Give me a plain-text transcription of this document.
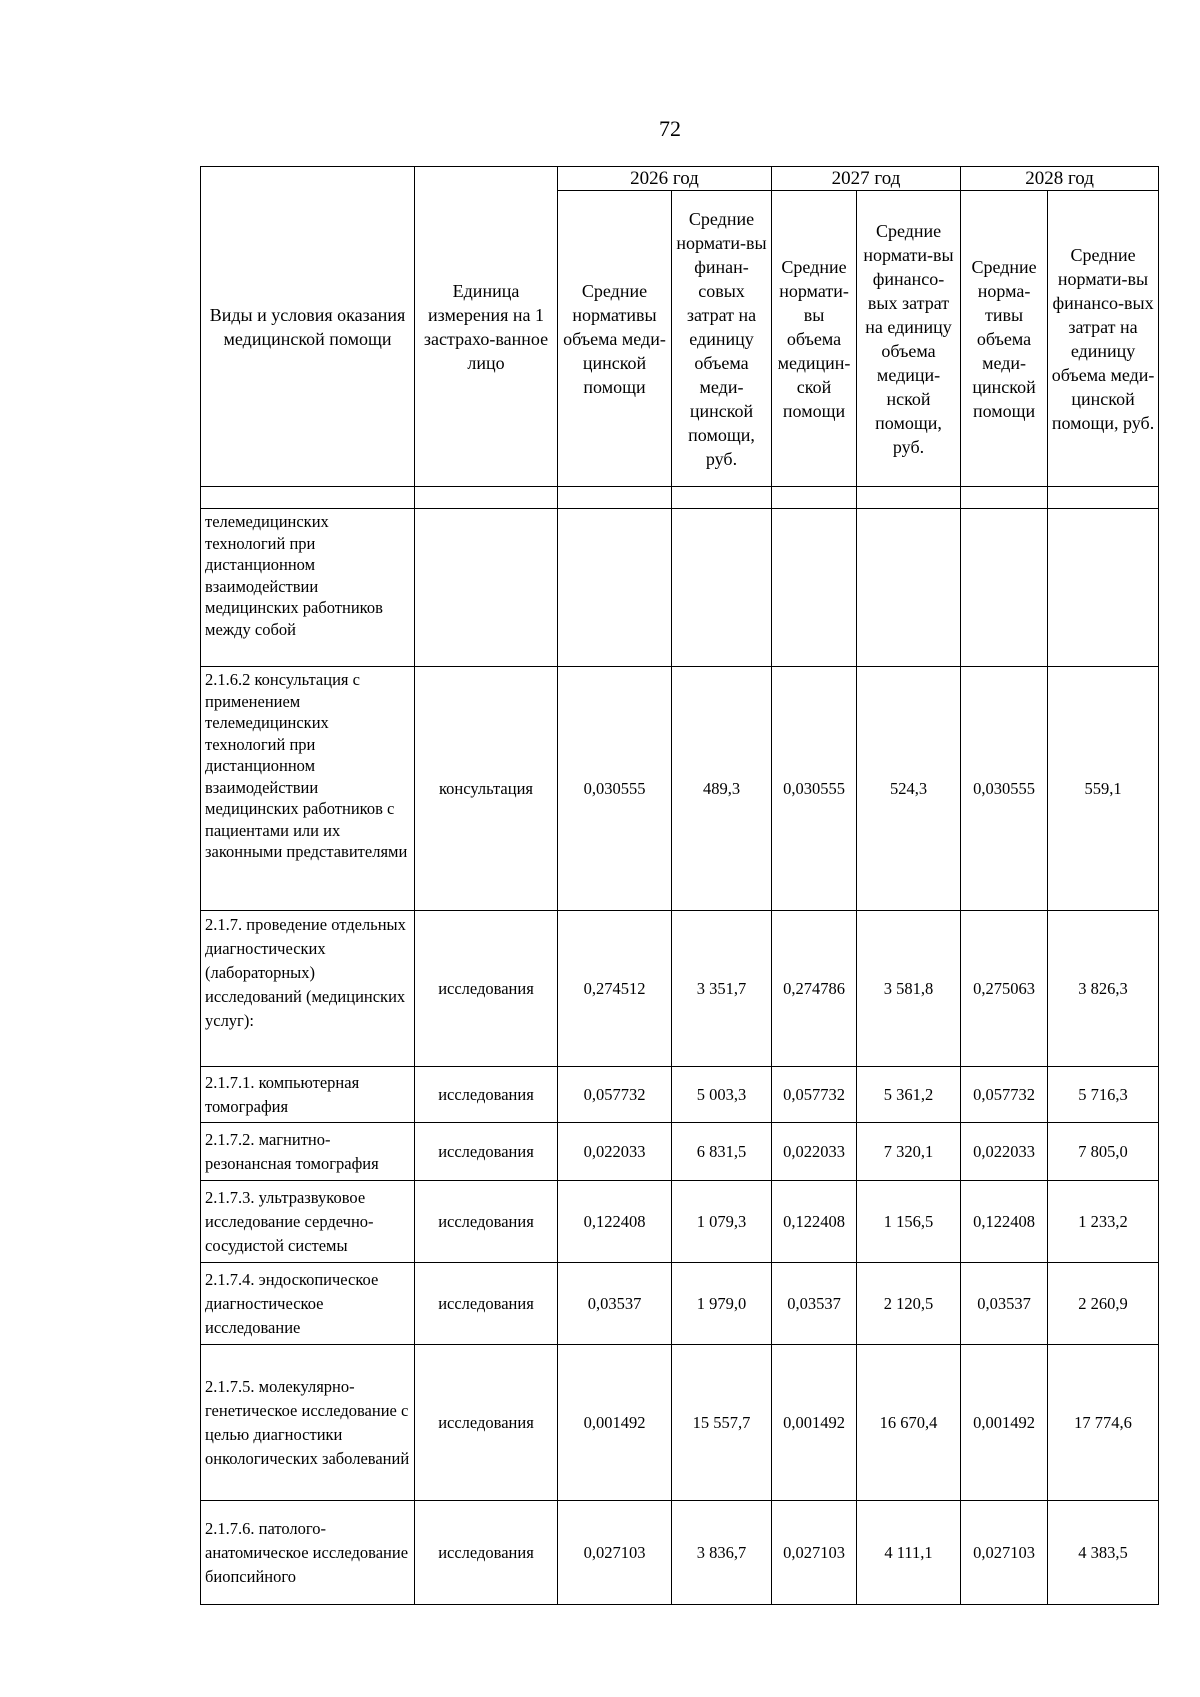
72
Виды и условия оказания медицинской помощи	Единица измерения на 1 застрахо-ванное лицо	2026 год		2027 год		2028 год	
		Средние нормативы объема меди-цинской помощи	Средние нормати-вы финан-совых затрат на единицу объема меди-цинской помощи, руб.	Средние нормати-вы объема медицин-ской помощи	Средние нормати-вы финансо-вых затрат на единицу объема медици-нской помощи, руб.	Средние норма-тивы объема меди-цинской помощи	Средние нормати-вы финансо-вых затрат на единицу объема меди-цинской помощи, руб.

телемедицинских технологий при дистанционном взаимодействии медицинских работников между собой							
2.1.6.2 консультация с применением телемедицинских технологий при дистанционном взаимодействии медицинских работников с пациентами или их законными представителями	консультация	0,030555	489,3	0,030555	524,3	0,030555	559,1
2.1.7. проведение отдельных диагностических (лабораторных) исследований (медицинских услуг):	исследования	0,274512	3 351,7	0,274786	3 581,8	0,275063	3 826,3
2.1.7.1. компьютерная томография	исследования	0,057732	5 003,3	0,057732	5 361,2	0,057732	5 716,3
2.1.7.2. магнитно-резонансная томография	исследования	0,022033	6 831,5	0,022033	7 320,1	0,022033	7 805,0
2.1.7.3. ультразвуковое исследование сердечно-сосудистой системы	исследования	0,122408	1 079,3	0,122408	1 156,5	0,122408	1 233,2
2.1.7.4. эндоскопическое диагностическое исследование	исследования	0,03537	1 979,0	0,03537	2 120,5	0,03537	2 260,9
2.1.7.5. молекулярно-генетическое исследование с целью диагностики онкологических заболеваний	исследования	0,001492	15 557,7	0,001492	16 670,4	0,001492	17 774,6
2.1.7.6. патолого-анатомическое исследование биопсийного	исследования	0,027103	3 836,7	0,027103	4 111,1	0,027103	4 383,5
